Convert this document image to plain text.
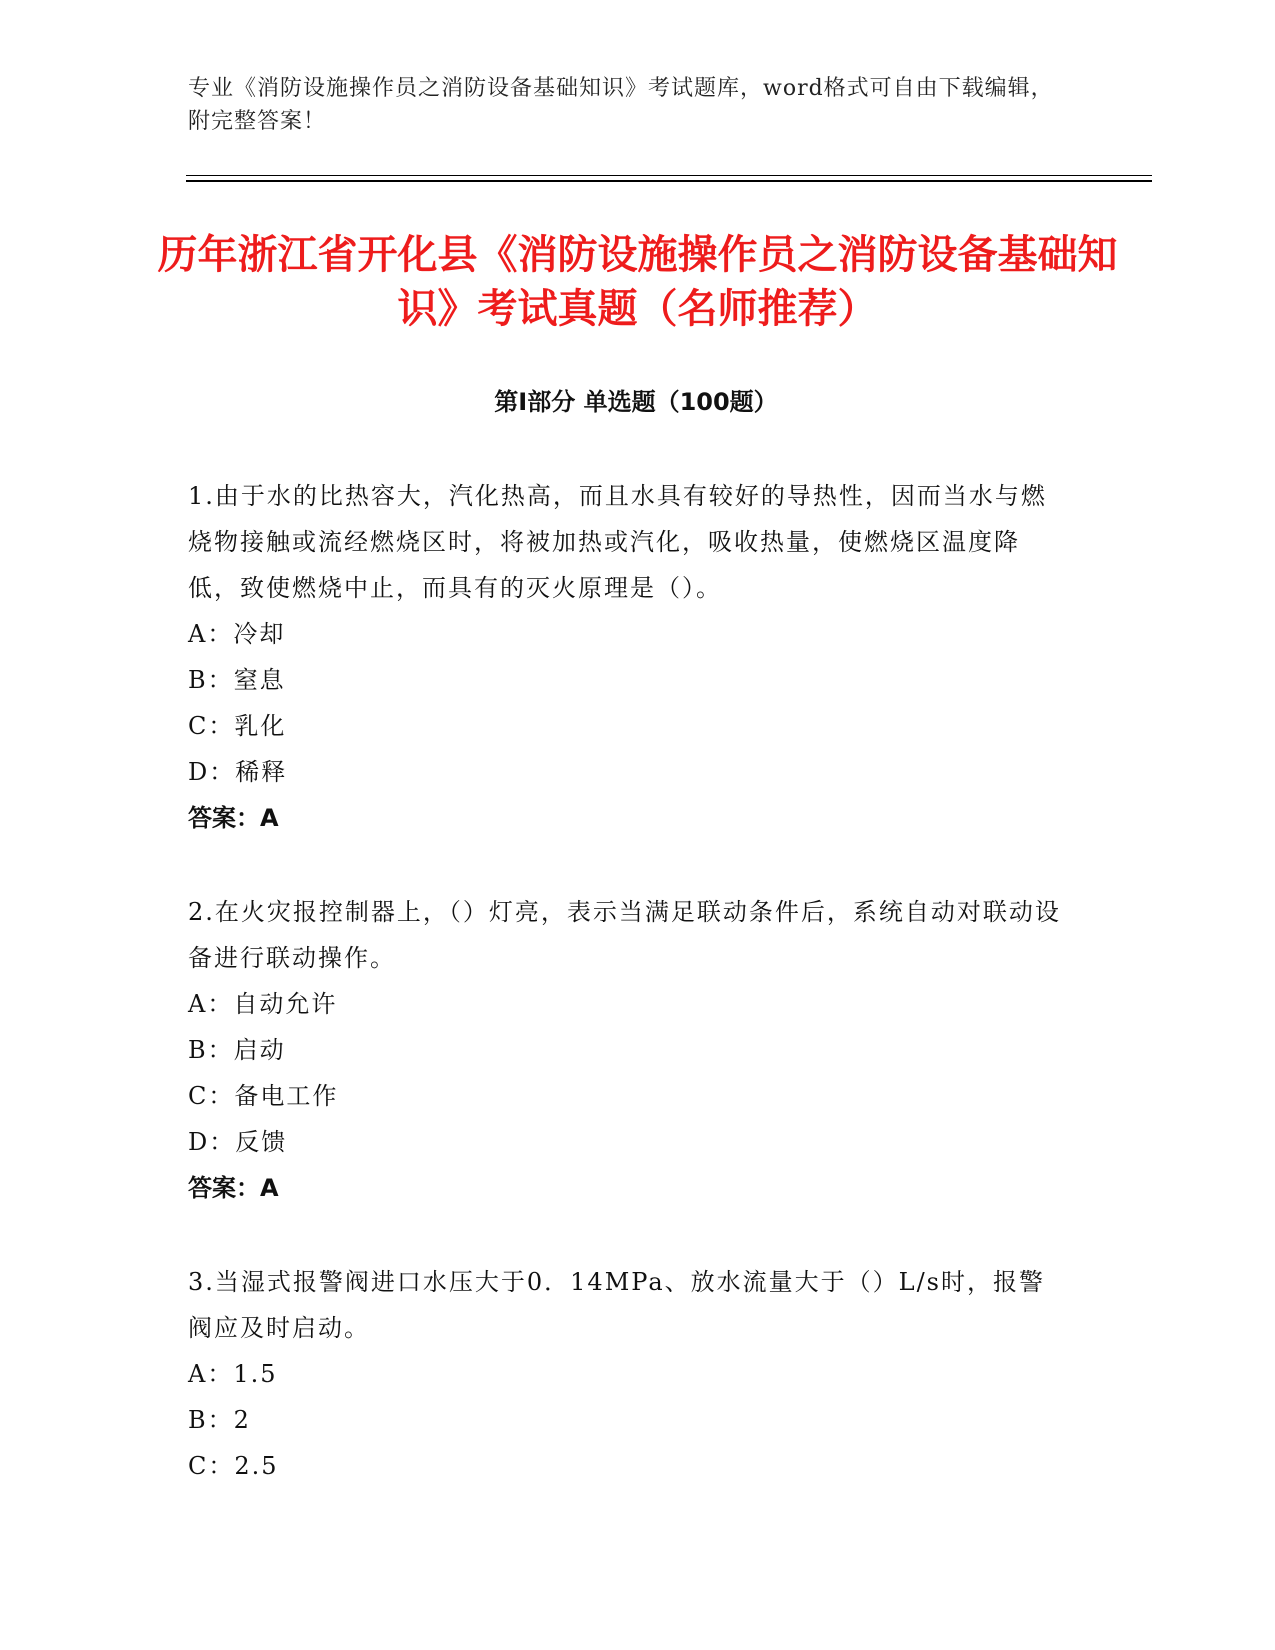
专业《消防设施操作员之消防设备基础知识》考试题库，word格式可自由下载编辑，附完整答案！
历年浙江省开化县《消防设施操作员之消防设备基础知识》考试真题（名师推荐）
第Ⅰ部分 单选题（100题）

1.由于水的比热容大，汽化热高，而且水具有较好的导热性，因而当水与燃烧物接触或流经燃烧区时，将被加热或汽化，吸收热量，使燃烧区温度降低，致使燃烧中止，而具有的灭火原理是（）。

A：冷却

B：窒息

C：乳化

D：稀释

答案：A

2.在火灾报控制器上，（）灯亮，表示当满足联动条件后，系统自动对联动设备进行联动操作。

A：自动允许

B：启动

C：备电工作

D：反馈

答案：A

3.当湿式报警阀进口水压大于0．14MPa、放水流量大于（）L/s时，报警阀应及时启动。

A：1.5

B：2

C：2.5
